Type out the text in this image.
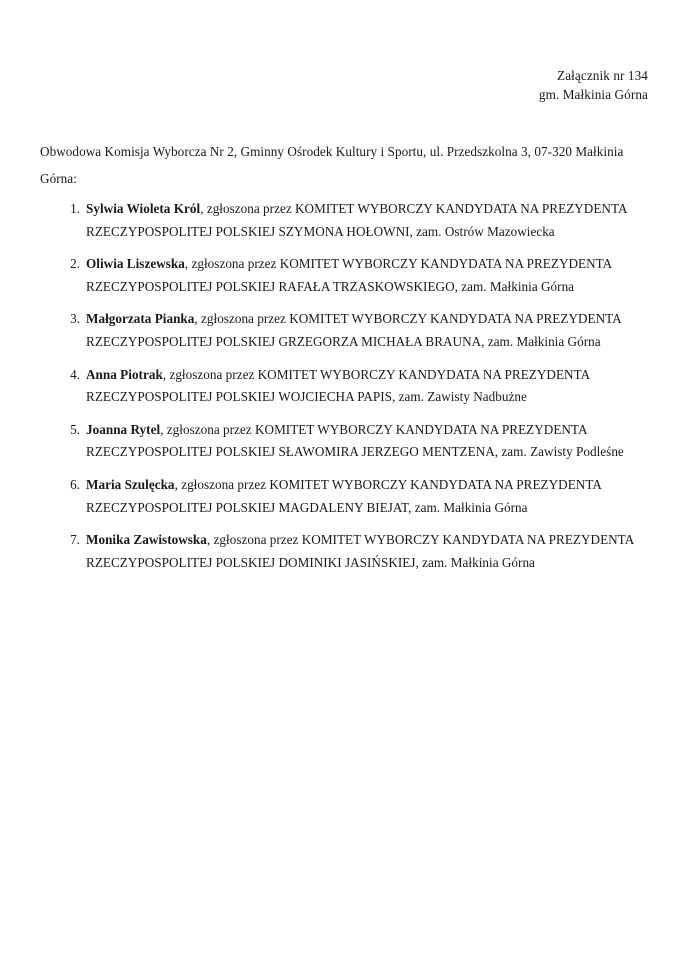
Załącznik nr 134
gm. Małkinia Górna

Obwodowa Komisja Wyborcza Nr 2, Gminny Ośrodek Kultury i Sportu, ul. Przedszkolna 3, 07-320 Małkinia Górna:

1. Sylwia Wioleta Król, zgłoszona przez KOMITET WYBORCZY KANDYDATA NA PREZYDENTA RZECZYPOSPOLITEJ POLSKIEJ SZYMONA HOŁOWNI, zam. Ostrów Mazowiecka
2. Oliwia Liszewska, zgłoszona przez KOMITET WYBORCZY KANDYDATA NA PREZYDENTA RZECZYPOSPOLITEJ POLSKIEJ RAFAŁA TRZASKOWSKIEGO, zam. Małkinia Górna
3. Małgorzata Pianka, zgłoszona przez KOMITET WYBORCZY KANDYDATA NA PREZYDENTA RZECZYPOSPOLITEJ POLSKIEJ GRZEGORZA MICHAŁA BRAUNA, zam. Małkinia Górna
4. Anna Piotrak, zgłoszona przez KOMITET WYBORCZY KANDYDATA NA PREZYDENTA RZECZYPOSPOLITEJ POLSKIEJ WOJCIECHA PAPIS, zam. Zawisty Nadbużne
5. Joanna Rytel, zgłoszona przez KOMITET WYBORCZY KANDYDATA NA PREZYDENTA RZECZYPOSPOLITEJ POLSKIEJ SŁAWOMIRA JERZEGO MENTZENA, zam. Zawisty Podleśne
6. Maria Szulęcka, zgłoszona przez KOMITET WYBORCZY KANDYDATA NA PREZYDENTA RZECZYPOSPOLITEJ POLSKIEJ MAGDALENY BIEJAT, zam. Małkinia Górna
7. Monika Zawistowska, zgłoszona przez KOMITET WYBORCZY KANDYDATA NA PREZYDENTA RZECZYPOSPOLITEJ POLSKIEJ DOMINIKI JASIŃSKIEJ, zam. Małkinia Górna
